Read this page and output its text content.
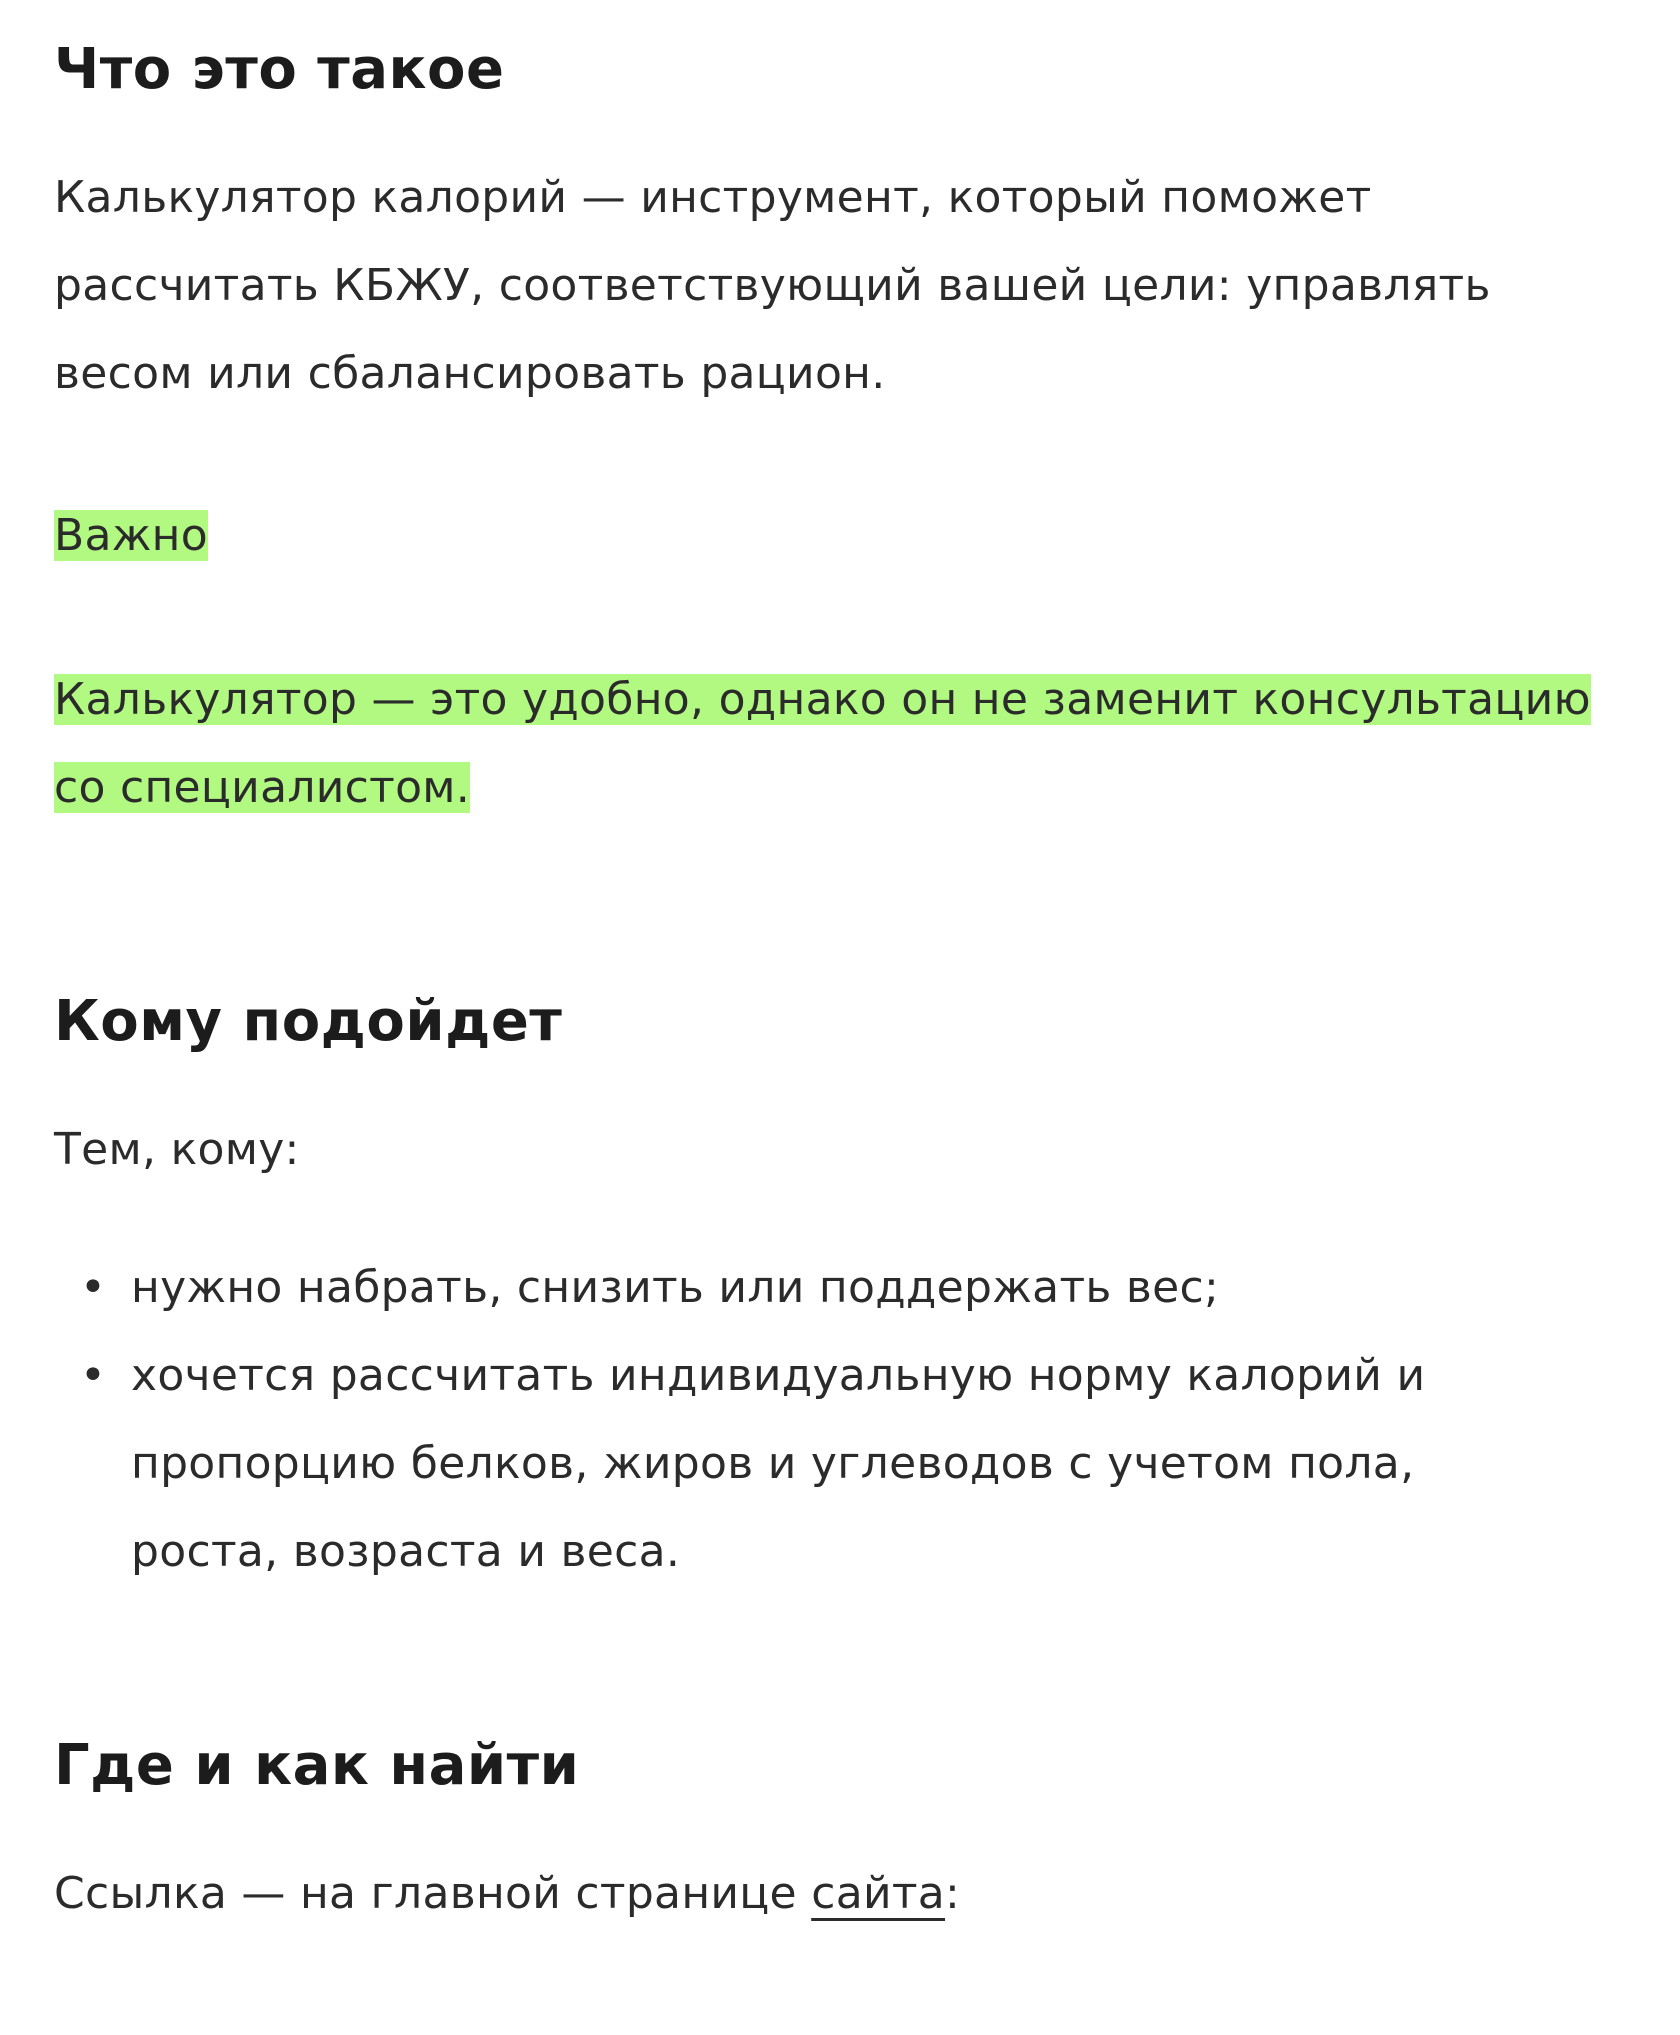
Что это такое

Калькулятор калорий — инструмент, который поможет
рассчитать КБЖУ, соответствующий вашей цели: управлять
весом или сбалансировать рацион.

Важно

Калькулятор — это удобно, однако он не заменит консультацию
со специалистом.

Кому подойдет

Тем, кому:

• нужно набрать, снизить или поддержать вес;
• хочется рассчитать индивидуальную норму калорий и
пропорцию белков, жиров и углеводов с учетом пола,
роста, возраста и веса.
Где и как найти

Ссылка — на главной странице сайта:
